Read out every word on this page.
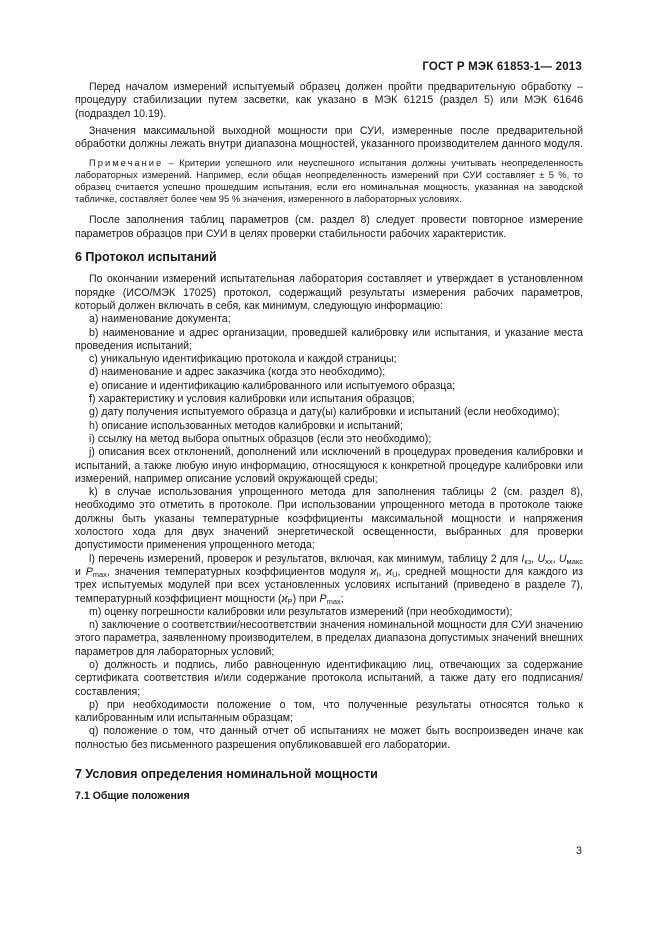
ГОСТ Р МЭК 61853-1— 2013

Перед началом измерений испытуемый образец должен пройти предварительную обработку – процедуру стабилизации путем засветки, как указано в МЭК 61215 (раздел 5) или МЭК 61646 (подраздел 10.19).

Значения максимальной выходной мощности при СУИ, измеренные после предварительной обработки должны лежать внутри диапазона мощностей, указанного производителем данного модуля.

Примечание – Критерии успешного или неуспешного испытания должны учитывать неопределенность лабораторных измерений. Например, если общая неопределенность измерений при СУИ составляет ± 5 %, то образец считается успешно прошедшим испытания, если его номинальная мощность, указанная на заводской табличке, составляет более чем 95 % значения, измеренного в лабораторных условиях.

После заполнения таблиц параметров (см. раздел 8) следует провести повторное измерение параметров образцов при СУИ в целях проверки стабильности рабочих характеристик.

6 Протокол испытаний

По окончании измерений испытательная лаборатория составляет и утверждает в установленном порядке (ИСО/МЭК 17025) протокол, содержащий результаты измерения рабочих параметров, который должен включать в себя, как минимум, следующую информацию:

a) наименование документа;

b) наименование и адрес организации, проведшей калибровку или испытания, и указание места проведения испытаний;

c) уникальную идентификацию протокола и каждой страницы;

d) наименование и адрес заказчика (когда это необходимо);

e) описание и идентификацию калиброванного или испытуемого образца;

f) характеристику и условия калибровки или испытания образцов;

g) дату получения испытуемого образца и дату(ы) калибровки и испытаний (если необходимо);

h) описание использованных методов калибровки и испытаний;

i) ссылку на метод выбора опытных образцов (если это необходимо);

j) описания всех отклонений, дополнений или исключений в процедурах проведения калибровки и испытаний, а также любую иную информацию, относящуюся к конкретной процедуре калибровки или измерений, например описание условий окружающей среды;

k) в случае использования упрощенного метода для заполнения таблицы 2 (см. раздел 8), необходимо это отметить в протоколе. При использовании упрощенного метода в протоколе также должны быть указаны температурные коэффициенты максимальной мощности и напряжения холостого хода для двух значений энергетической освещенности, выбранных для проверки допустимости применения упрощенного метода;

l) перечень измерений, проверок и результатов, включая, как минимум, таблицу 2 для $I_{кз}$, $U_{хх}$, $U_{макс}$ и $P_{max}$, значения температурных коэффициентов модуля $ϰ_I$, $ϰ_U$, средней мощности для каждого из трех испытуемых модулей при всех установленных условиях испытаний (приведено в разделе 7), температурный коэффициент мощности $(ϰ_P)$ при $P_{max}$;

m) оценку погрешности калибровки или результатов измерений (при необходимости);

n) заключение о соответствии/несоответствии значения номинальной мощности для СУИ значению этого параметра, заявленному производителем, в пределах диапазона допустимых значений внешних параметров для лабораторных условий;

o) должность и подпись, либо равноценную идентификацию лиц, отвечающих за содержание сертификата соответствия и/или содержание протокола испытаний, а также дату его подписания/составления;

p) при необходимости положение о том, что полученные результаты относятся только к калиброванным или испытанным образцам;

q) положение о том, что данный отчет об испытаниях не может быть воспроизведен иначе как полностью без письменного разрешения опубликовавшей его лаборатории.

7 Условия определения номинальной мощности
7.1 Общие положения
3
